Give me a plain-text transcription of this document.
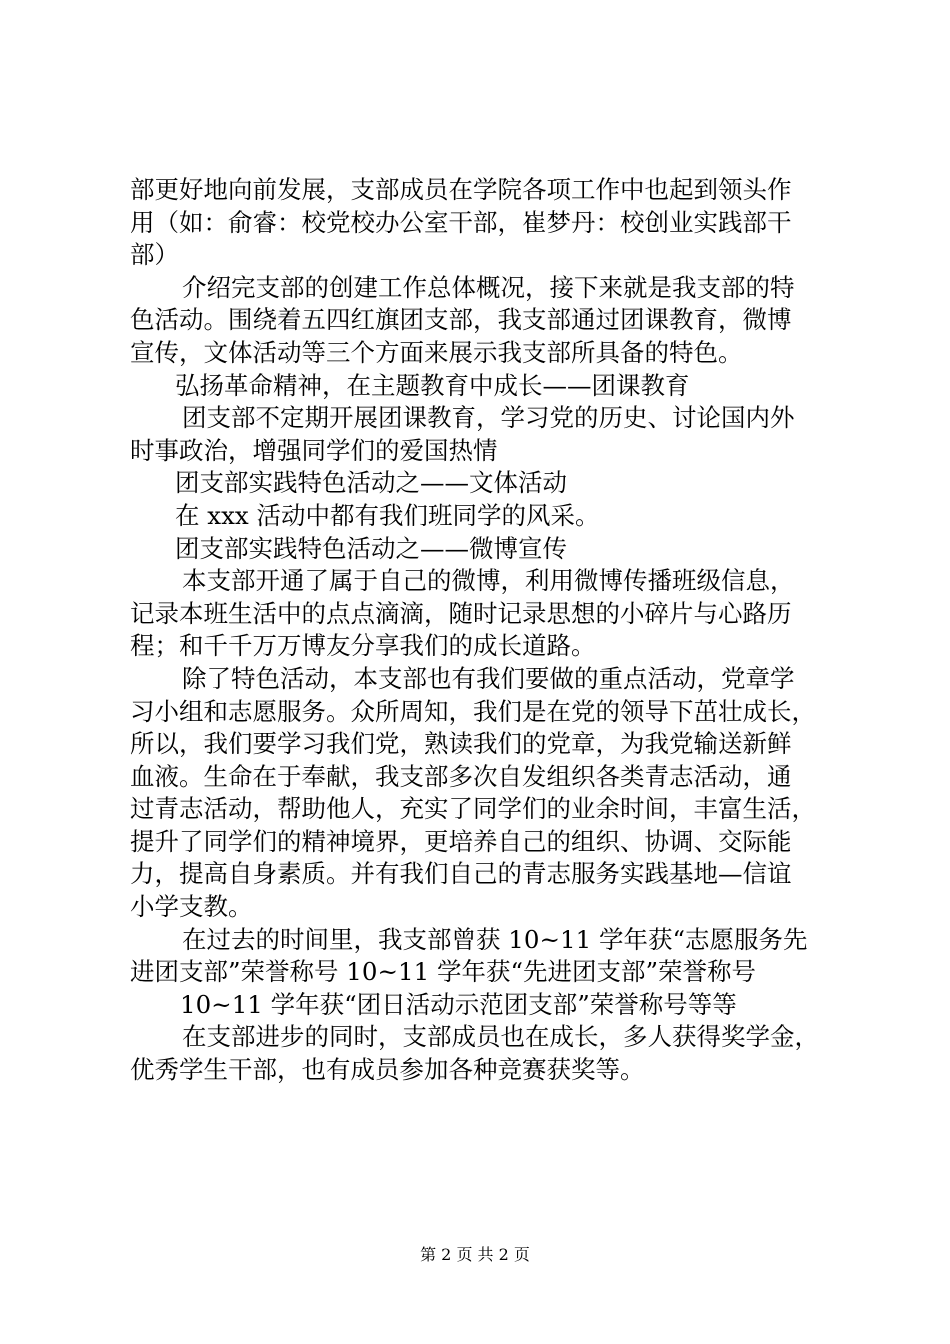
部更好地向前发展，支部成员在学院各项工作中也起到领头作
用（如：俞睿：校党校办公室干部，崔梦丹：校创业实践部干
部）

介绍完支部的创建工作总体概况，接下来就是我支部的特
色活动。围绕着五四红旗团支部，我支部通过团课教育，微博
宣传，文体活动等三个方面来展示我支部所具备的特色。

弘扬革命精神，在主题教育中成长——团课教育

团支部不定期开展团课教育，学习党的历史、讨论国内外
时事政治，增强同学们的爱国热情

团支部实践特色活动之——文体活动

在 xxx 活动中都有我们班同学的风采。

团支部实践特色活动之——微博宣传

本支部开通了属于自己的微博，利用微博传播班级信息，
记录本班生活中的点点滴滴，随时记录思想的小碎片与心路历
程；和千千万万博友分享我们的成长道路。

除了特色活动，本支部也有我们要做的重点活动，党章学
习小组和志愿服务。众所周知，我们是在党的领导下茁壮成长，
所以，我们要学习我们党，熟读我们的党章，为我党输送新鲜
血液。生命在于奉献，我支部多次自发组织各类青志活动，通
过青志活动，帮助他人，充实了同学们的业余时间，丰富生活，
提升了同学们的精神境界，更培养自己的组织、协调、交际能
力，提高自身素质。并有我们自己的青志服务实践基地—信谊
小学支教。

在过去的时间里，我支部曾获 10~11 学年获“志愿服务先
进团支部”荣誉称号 10~11 学年获“先进团支部”荣誉称号

10~11 学年获“团日活动示范团支部”荣誉称号等等

在支部进步的同时，支部成员也在成长，多人获得奖学金，
优秀学生干部，也有成员参加各种竞赛获奖等。

第 2 页 共 2 页
